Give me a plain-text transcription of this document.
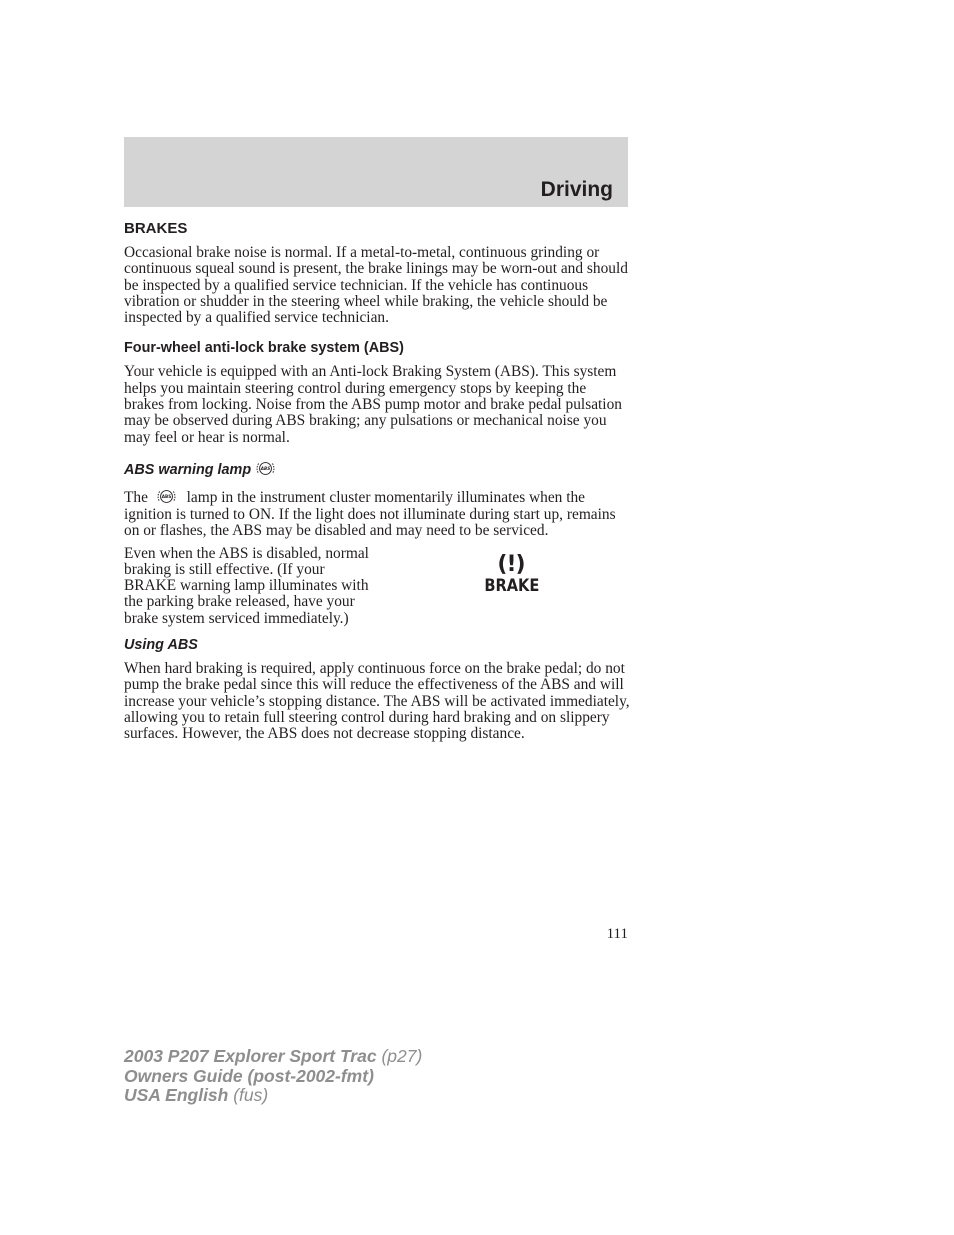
Driving
BRAKES

Occasional brake noise is normal. If a metal-to-metal, continuous grinding or continuous squeal sound is present, the brake linings may be worn-out and should be inspected by a qualified service technician. If the vehicle has continuous vibration or shudder in the steering wheel while braking, the vehicle should be inspected by a qualified service technician.

Four-wheel anti-lock brake system (ABS)

Your vehicle is equipped with an Anti-lock Braking System (ABS). This system helps you maintain steering control during emergency stops by keeping the brakes from locking. Noise from the ABS pump motor and brake pedal pulsation may be observed during ABS braking; any pulsations or mechanical noise you may feel or hear is normal.

ABS warning lamp ABS

The	ABS lamp in the instrument cluster momentarily illuminates when the ignition is turned to ON. If the light does not illuminate during start up, remains on or flashes, the ABS may be disabled and may need to be serviced.

Even when the ABS is disabled, normal braking is still effective. (If your BRAKE warning lamp illuminates with the parking brake released, have your brake system serviced immediately.)

(!)
BRAKE
Using ABS

When hard braking is required, apply continuous force on the brake pedal; do not pump the brake pedal since this will reduce the effectiveness of the ABS and will increase your vehicle’s stopping distance. The ABS will be activated immediately, allowing you to retain full steering control during hard braking and on slippery surfaces. However, the ABS does not decrease stopping distance.

111
2003 P207 Explorer Sport Trac (p27)
Owners Guide (post-2002-fmt)
USA English (fus)
